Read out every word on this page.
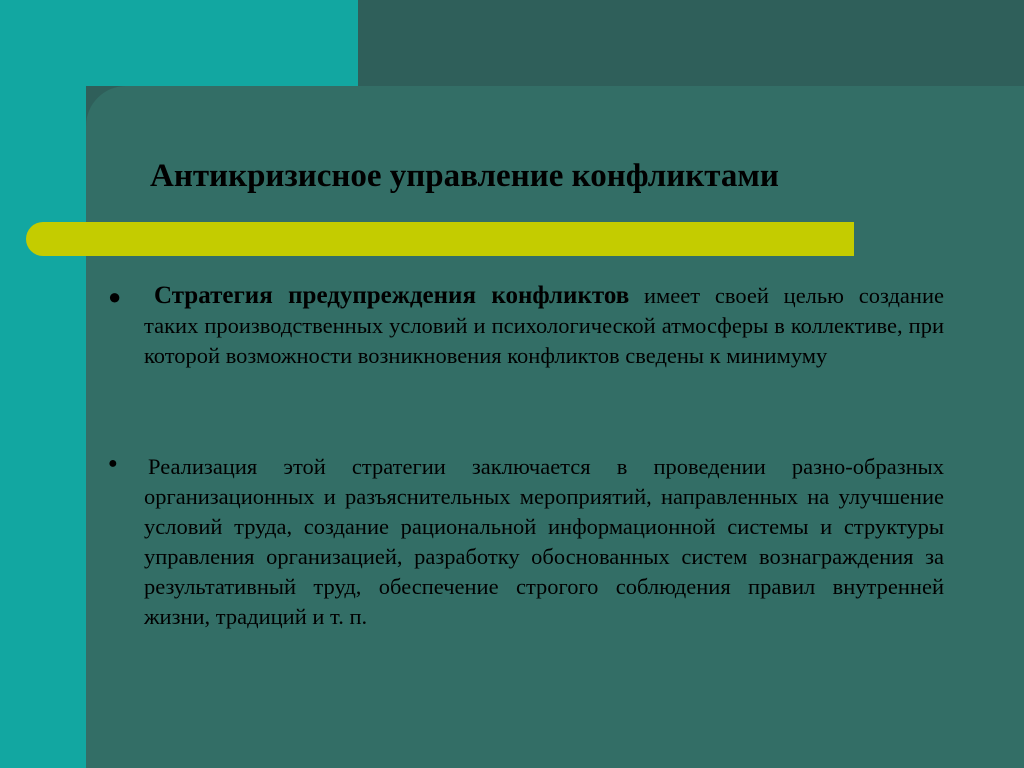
Антикризисное управление конфликтами
●	Стратегия предупреждения конфликтов имеет своей целью создание таких производственных условий и психологической атмосферы в коллективе, при которой возможности возникновения конфликтов сведены к минимуму
● Реализация этой стратегии заключается в проведении разно-образных организационных и разъяснительных мероприятий, направленных на улучшение условий труда, создание рациональной информационной системы и структуры управления организацией, разработку обоснованных систем вознаграждения за результативный труд, обеспечение строгого соблюдения правил внутренней жизни, традиций и т. п.
